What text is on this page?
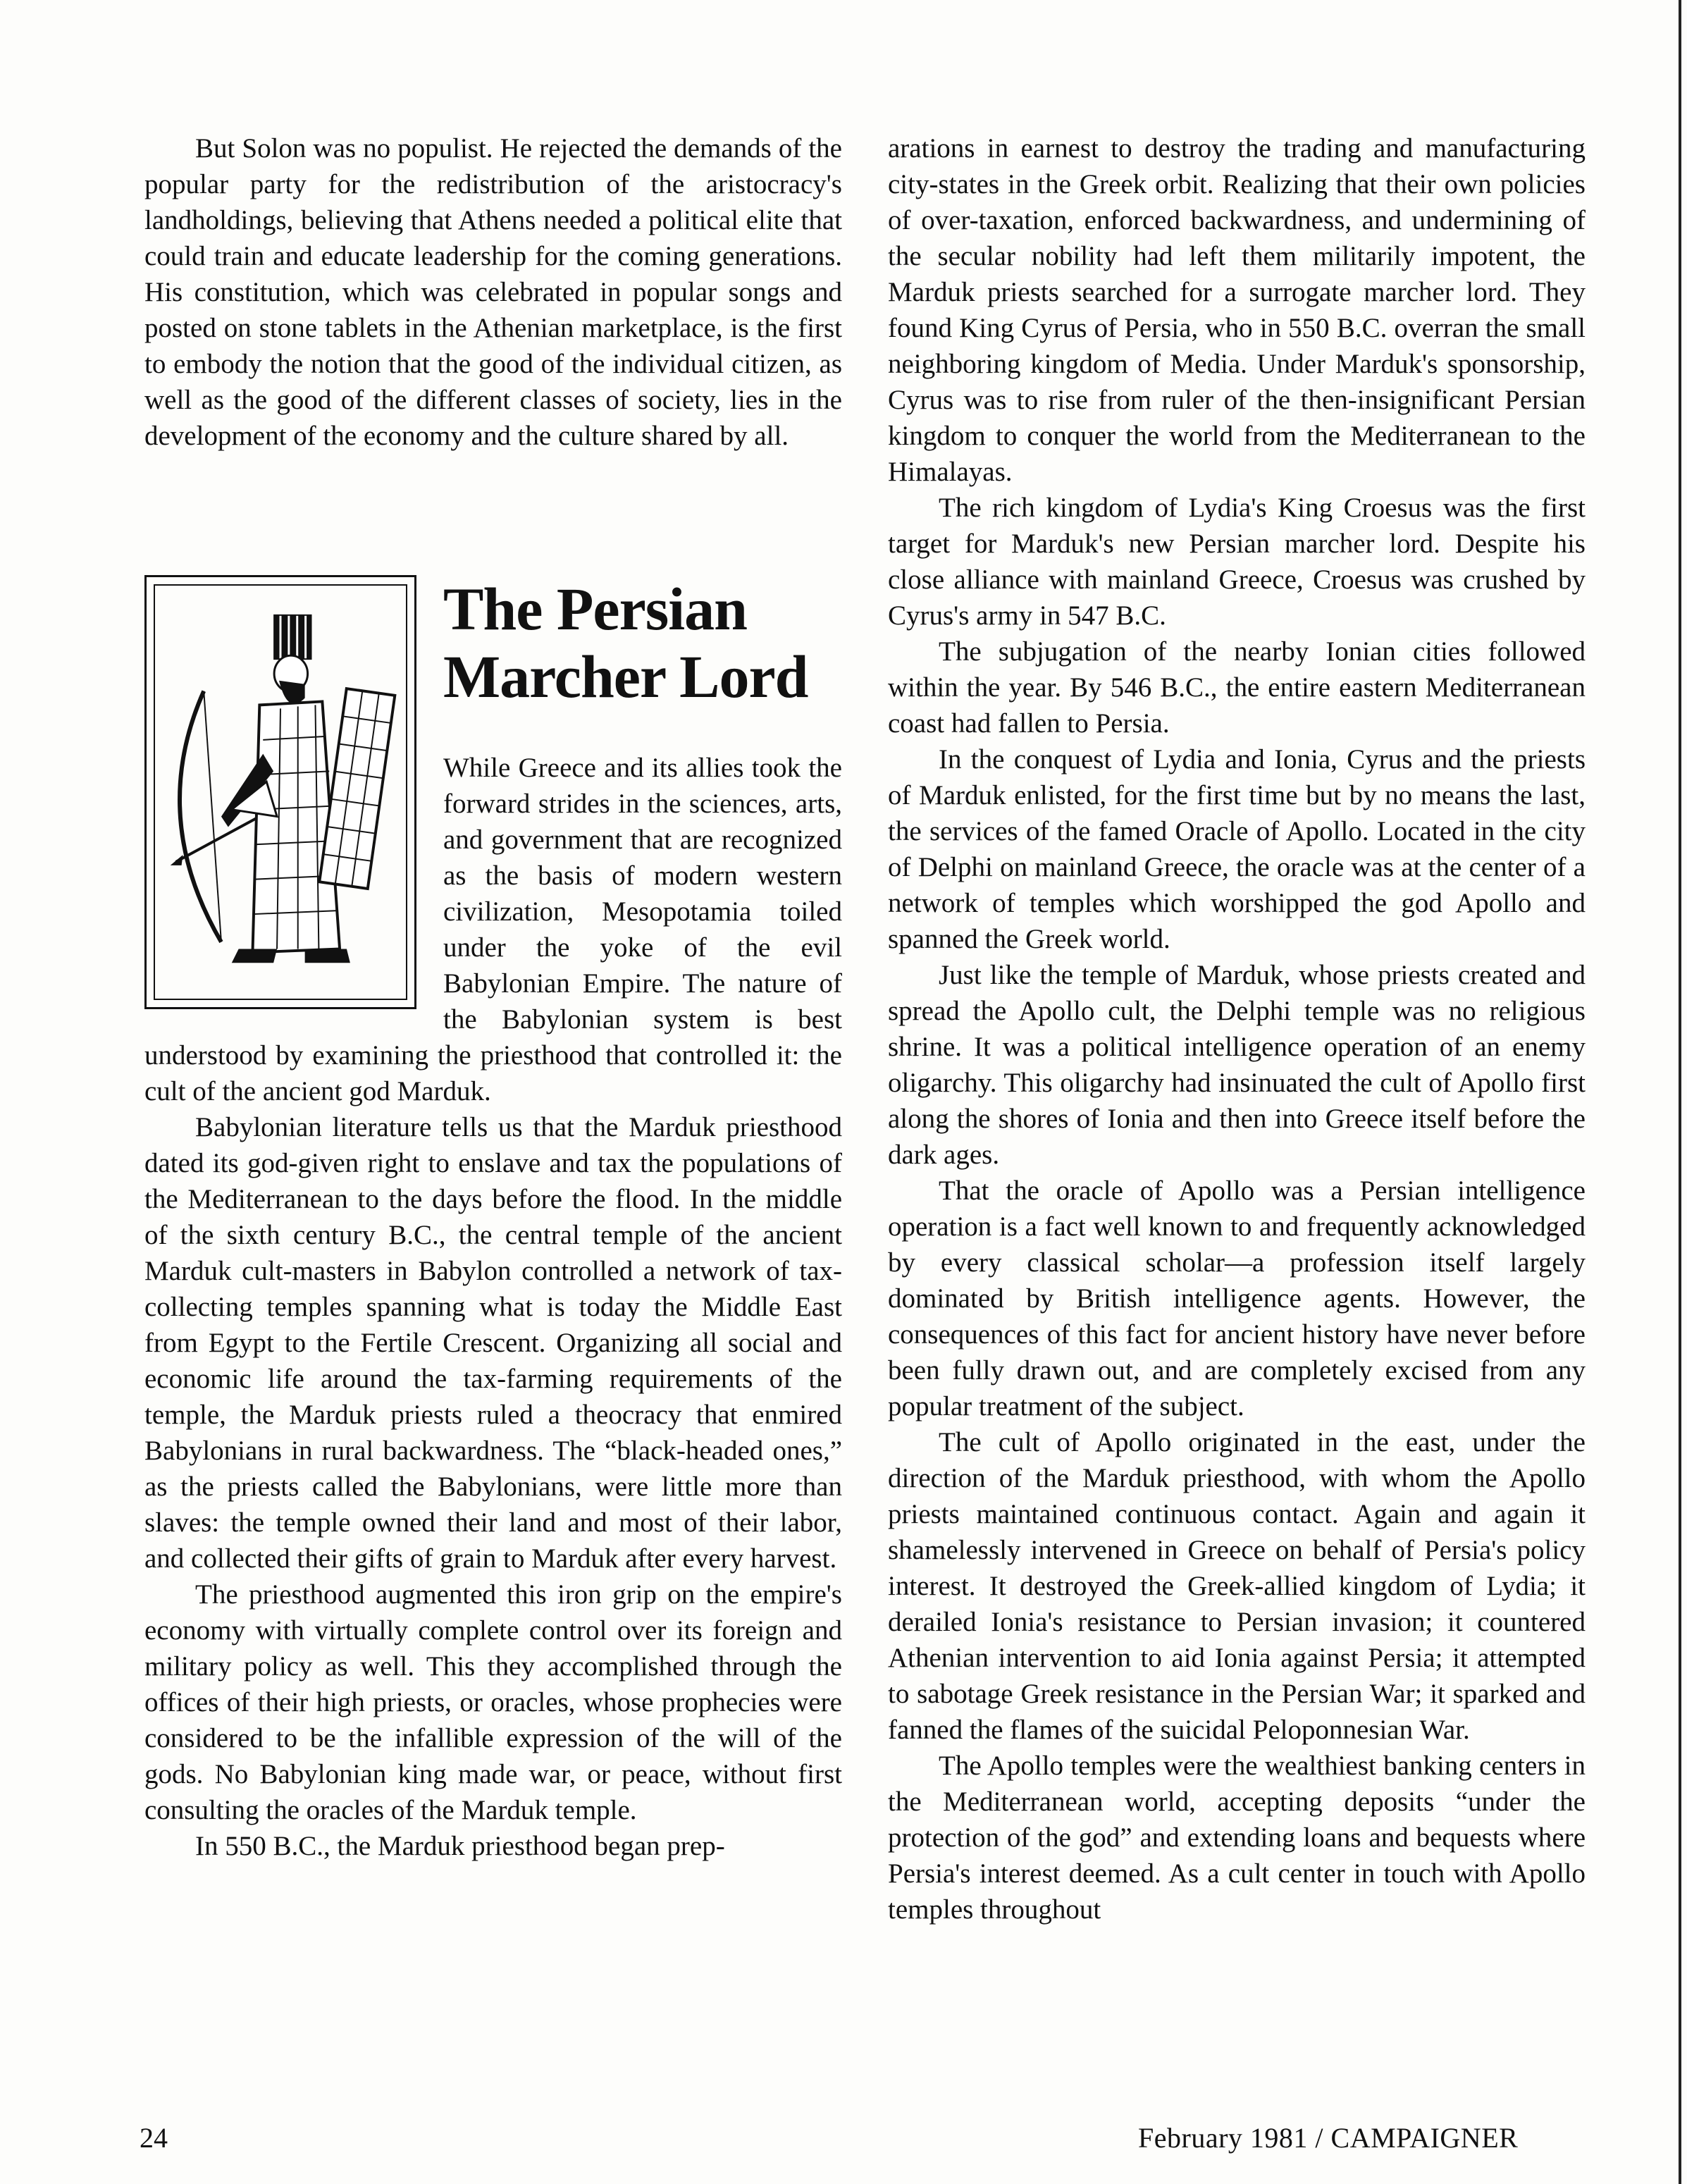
But Solon was no populist. He rejected the demands of the popular party for the redistribution of the aristocracy's landholdings, believing that Athens needed a political elite that could train and educate leadership for the coming generations. His constitution, which was celebrated in popular songs and posted on stone tablets in the Athenian marketplace, is the first to embody the notion that the good of the individual citizen, as well as the good of the different classes of society, lies in the development of the economy and the culture shared by all.

The Persian Marcher Lord

While Greece and its allies took the forward strides in the sciences, arts, and government that are recognized as the basis of modern western civilization, Mesopotamia toiled under the yoke of the evil Babylonian Empire. The nature of the Babylonian system is best understood by examining the priesthood that controlled it: the cult of the ancient god Marduk.

Babylonian literature tells us that the Marduk priesthood dated its god-given right to enslave and tax the populations of the Mediterranean to the days before the flood. In the middle of the sixth century B.C., the central temple of the ancient Marduk cult-masters in Babylon controlled a network of tax-collecting temples spanning what is today the Middle East from Egypt to the Fertile Crescent. Organizing all social and economic life around the tax-farming requirements of the temple, the Marduk priests ruled a theocracy that enmired Babylonians in rural backwardness. The “black-headed ones,” as the priests called the Babylonians, were little more than slaves: the temple owned their land and most of their labor, and collected their gifts of grain to Marduk after every harvest.

The priesthood augmented this iron grip on the empire's economy with virtually complete control over its foreign and military policy as well. This they accomplished through the offices of their high priests, or oracles, whose prophecies were considered to be the infallible expression of the will of the gods. No Babylonian king made war, or peace, without first consulting the oracles of the Marduk temple.

In 550 B.C., the Marduk priesthood began prep-

arations in earnest to destroy the trading and manufacturing city-states in the Greek orbit. Realizing that their own policies of over-taxation, enforced backwardness, and undermining of the secular nobility had left them militarily impotent, the Marduk priests searched for a surrogate marcher lord. They found King Cyrus of Persia, who in 550 B.C. overran the small neighboring kingdom of Media. Under Marduk's sponsorship, Cyrus was to rise from ruler of the then-insignificant Persian kingdom to conquer the world from the Mediterranean to the Himalayas.

The rich kingdom of Lydia's King Croesus was the first target for Marduk's new Persian marcher lord. Despite his close alliance with mainland Greece, Croesus was crushed by Cyrus's army in 547 B.C.

The subjugation of the nearby Ionian cities followed within the year. By 546 B.C., the entire eastern Mediterranean coast had fallen to Persia.

In the conquest of Lydia and Ionia, Cyrus and the priests of Marduk enlisted, for the first time but by no means the last, the services of the famed Oracle of Apollo. Located in the city of Delphi on mainland Greece, the oracle was at the center of a network of temples which worshipped the god Apollo and spanned the Greek world.

Just like the temple of Marduk, whose priests created and spread the Apollo cult, the Delphi temple was no religious shrine. It was a political intelligence operation of an enemy oligarchy. This oligarchy had insinuated the cult of Apollo first along the shores of Ionia and then into Greece itself before the dark ages.

That the oracle of Apollo was a Persian intelligence operation is a fact well known to and frequently acknowledged by every classical scholar—a profession itself largely dominated by British intelligence agents. However, the consequences of this fact for ancient history have never before been fully drawn out, and are completely excised from any popular treatment of the subject.

The cult of Apollo originated in the east, under the direction of the Marduk priesthood, with whom the Apollo priests maintained continuous contact. Again and again it shamelessly intervened in Greece on behalf of Persia's policy interest. It destroyed the Greek-allied kingdom of Lydia; it derailed Ionia's resistance to Persian invasion; it countered Athenian intervention to aid Ionia against Persia; it attempted to sabotage Greek resistance in the Persian War; it sparked and fanned the flames of the suicidal Peloponnesian War.

The Apollo temples were the wealthiest banking centers in the Mediterranean world, accepting deposits “under the protection of the god” and extending loans and bequests where Persia's interest deemed. As a cult center in touch with Apollo temples throughout

24	February 1981 / CAMPAIGNER
